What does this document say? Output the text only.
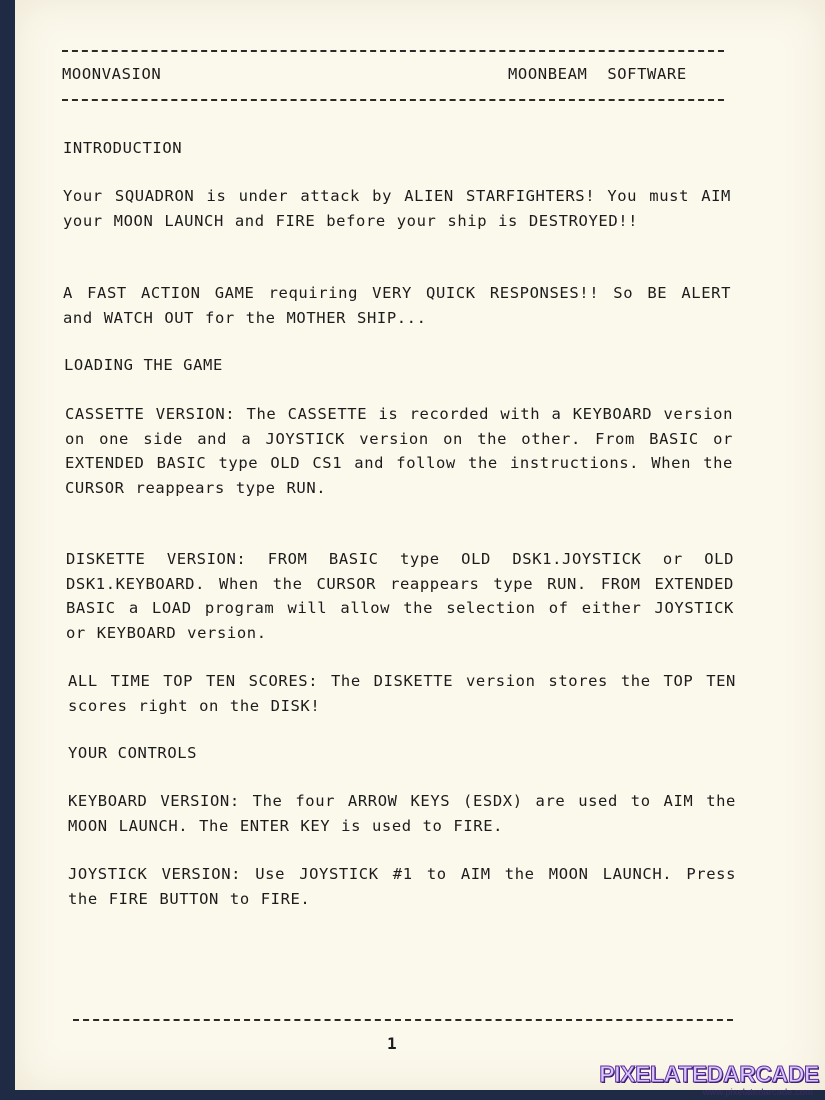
MOONVASION	MOONBEAM  SOFTWARE
INTRODUCTION
Your SQUADRON is under attack by ALIEN STARFIGHTERS! You must AIM your MOON LAUNCH and FIRE before your ship is DESTROYED!!
A FAST ACTION GAME requiring VERY QUICK RESPONSES!! So BE ALERT and WATCH OUT for the MOTHER SHIP...
LOADING THE GAME
CASSETTE VERSION: The CASSETTE is recorded with a KEYBOARD version on one side and a JOYSTICK version on the other. From BASIC or EXTENDED BASIC type OLD CS1 and follow the instructions. When the CURSOR reappears type RUN.
DISKETTE VERSION: FROM BASIC type OLD DSK1.JOYSTICK or OLD DSK1.KEYBOARD. When the CURSOR reappears type RUN. FROM EXTENDED BASIC a LOAD program will allow the selection of either JOYSTICK or KEYBOARD version.
ALL TIME TOP TEN SCORES: The DISKETTE version stores the TOP TEN scores right on the DISK!
YOUR CONTROLS
KEYBOARD VERSION: The four ARROW KEYS (ESDX) are used to AIM the MOON LAUNCH. The ENTER KEY is used to FIRE.
JOYSTICK VERSION: Use JOYSTICK #1 to AIM the MOON LAUNCH. Press the FIRE BUTTON to FIRE.
1
PIXELATEDARCADE
www.pixelatedarcade.com
